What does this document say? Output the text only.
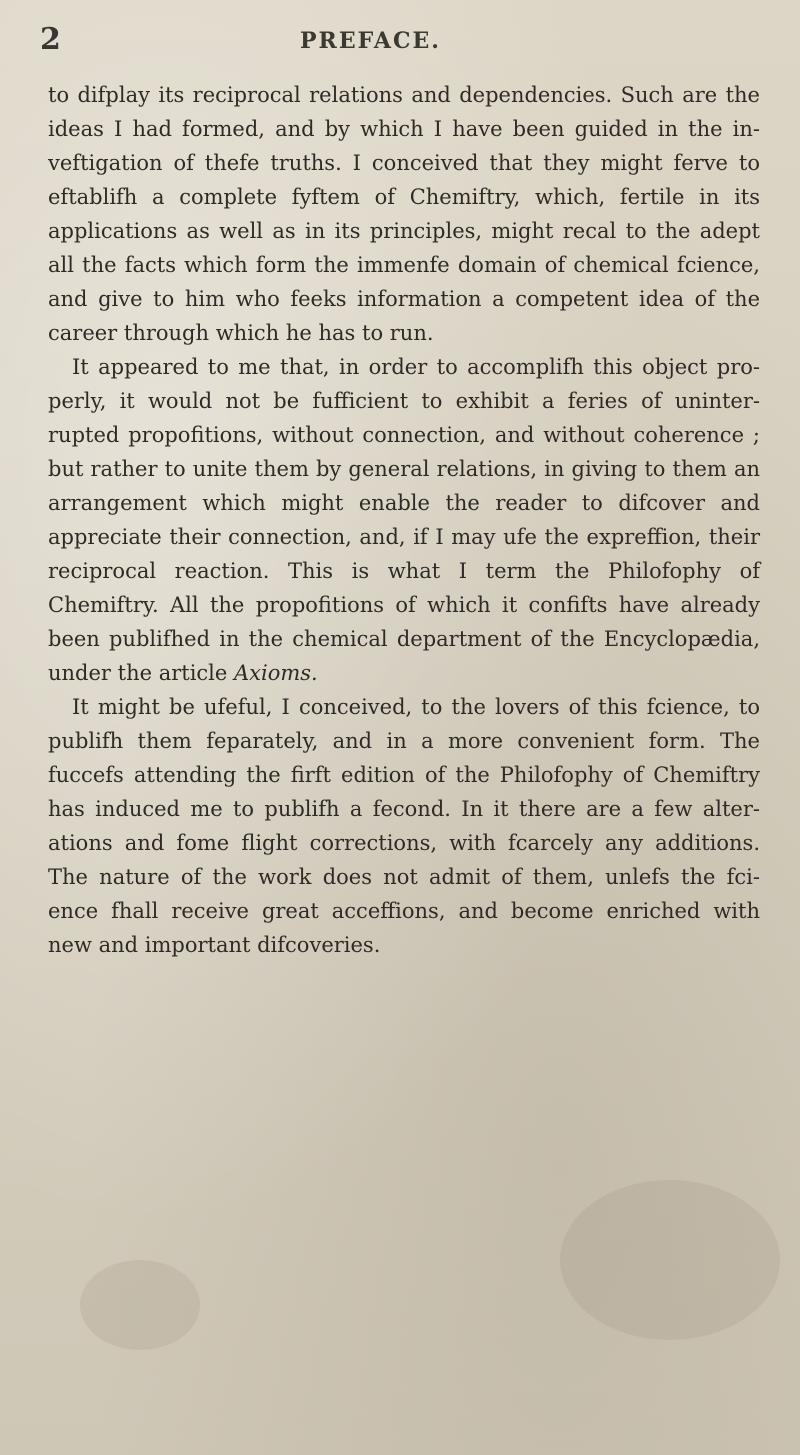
2	PREFACE.

to difplay its reciprocal relations and dependencies. Such are the ideas I had formed, and by which I have been guided in the in- veftigation of thefe truths. I conceived that they might ferve to eftablifh a complete fyftem of Chemiftry, which, fertile in its applications as well as in its principles, might recal to the adept all the facts which form the immenfe domain of chemical fcience, and give to him who feeks information a competent idea of the career through which he has to run.

It appeared to me that, in order to accomplifh this object pro- perly, it would not be fufficient to exhibit a feries of uninter- rupted propofitions, without connection, and without coherence ; but rather to unite them by general relations, in giving to them an arrangement which might enable the reader to difcover and appreciate their connection, and, if I may ufe the expreffion, their reciprocal reaction. This is what I term the Philofophy of Chemiftry. All the propofitions of which it confifts have already been publifhed in the chemical department of the Encyclopædia, under the article Axioms.

It might be ufeful, I conceived, to the lovers of this fcience, to publifh them feparately, and in a more convenient form. The fuccefs attending the firft edition of the Philofophy of Chemiftry has induced me to publifh a fecond. In it there are a few alter- ations and fome flight corrections, with fcarcely any additions. The nature of the work does not admit of them, unlefs the fci- ence fhall receive great acceffions, and become enriched with new and important difcoveries.
